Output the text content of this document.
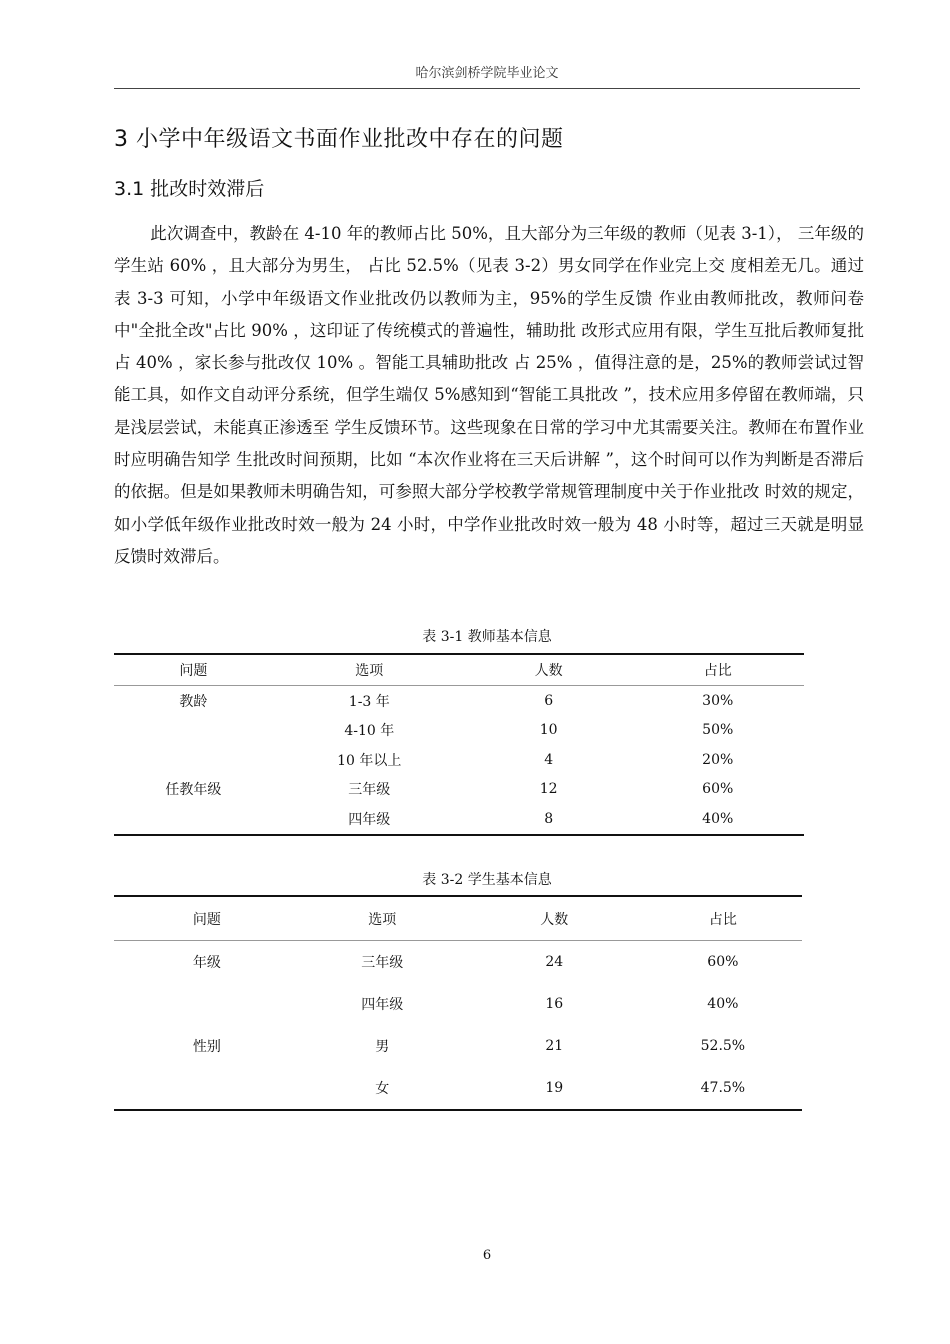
哈尔滨剑桥学院毕业论文
3 小学中年级语文书面作业批改中存在的问题
3.1 批改时效滞后

此次调查中，教龄在 4-10 年的教师占比 50%，且大部分为三年级的教师（见表 3-1）， 三年级的学生站 60% ，且大部分为男生， 占比 52.5%（见表 3-2）男女同学在作业完上交 度相差无几。通过表 3-3 可知，小学中年级语文作业批改仍以教师为主，95%的学生反馈 作业由教师批改，教师问卷中"全批全改"占比 90% ，这印证了传统模式的普遍性，辅助批 改形式应用有限，学生互批后教师复批占 40% ，家长参与批改仅 10% 。智能工具辅助批改 占 25% ，值得注意的是，25%的教师尝试过智能工具，如作文自动评分系统，但学生端仅 5%感知到“智能工具批改 ”，技术应用多停留在教师端，只是浅层尝试，未能真正渗透至 学生反馈环节。这些现象在日常的学习中尤其需要关注。教师在布置作业时应明确告知学 生批改时间预期，比如 “本次作业将在三天后讲解 ”，这个时间可以作为判断是否滞后 的依据。但是如果教师未明确告知，可参照大部分学校教学常规管理制度中关于作业批改 时效的规定，如小学低年级作业批改时效一般为 24 小时，中学作业批改时效一般为 48 小时等，超过三天就是明显反馈时效滞后。

表 3-1 教师基本信息
问题	选项	人数	占比
教龄	1-3 年	6	30%
	4-10 年	10	50%
	10 年以上	4	20%
任教年级	三年级	12	60%
	四年级	8	40%
表 3-2 学生基本信息
问题	选项	人数	占比
年级	三年级	24	60%
	四年级	16	40%
性别	男	21	52.5%
	女	19	47.5%
6
